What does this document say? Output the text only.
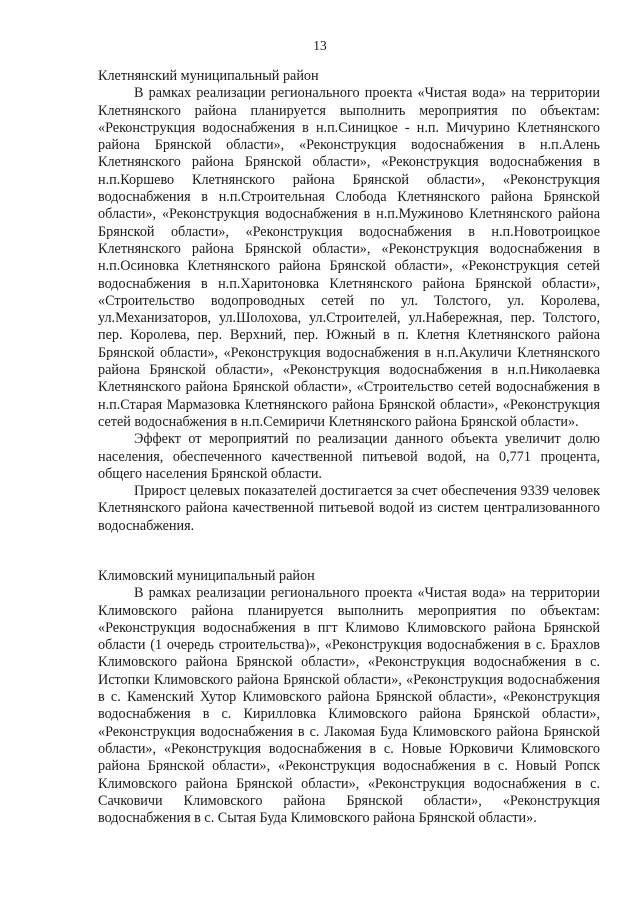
13

Клетнянский муниципальный район

В рамках реализации регионального проекта «Чистая вода» на территории Клетнянского района планируется выполнить мероприятия по объектам: «Реконструкция водоснабжения в н.п.Синицкое - н.п. Мичурино Клетнянского района Брянской области», «Реконструкция водоснабжения в н.п.Алень Клетнянского района Брянской области», «Реконструкция водоснабжения в н.п.Коршево Клетнянского района Брянской области», «Реконструкция водоснабжения в н.п.Строительная Слобода Клетнянского района Брянской области», «Реконструкция водоснабжения в н.п.Мужиново Клетнянского района Брянской области», «Реконструкция водоснабжения в н.п.Новотроицкое Клетнянского района Брянской области», «Реконструкция водоснабжения в н.п.Осиновка Клетнянского района Брянской области», «Реконструкция сетей водоснабжения в н.п.Харитоновка Клетнянского района Брянской области», «Строительство водопроводных сетей по ул. Толстого, ул. Королева, ул.Механизаторов, ул.Шолохова, ул.Строителей, ул.Набережная, пер. Толстого, пер. Королева, пер. Верхний, пер. Южный в п. Клетня Клетнянского района Брянской области», «Реконструкция водоснабжения в н.п.Акуличи Клетнянского района Брянской области», «Реконструкция водоснабжения в н.п.Николаевка Клетнянского района Брянской области», «Строительство сетей водоснабжения в н.п.Старая Мармазовка Клетнянского района Брянской области», «Реконструкция сетей водоснабжения в н.п.Семиричи Клетнянского района Брянской области».

Эффект от мероприятий по реализации данного объекта увеличит долю населения, обеспеченного качественной питьевой водой, на 0,771 процента, общего населения Брянской области.

Прирост целевых показателей достигается за счет обеспечения 9339 человек Клетнянского района качественной питьевой водой из систем централизованного водоснабжения.

Климовский муниципальный район

В рамках реализации регионального проекта «Чистая вода» на территории Климовского района планируется выполнить мероприятия по объектам: «Реконструкция водоснабжения в пгт Климово Климовского района Брянской области (1 очередь строительства)», «Реконструкция водоснабжения в с. Брахлов Климовского района Брянской области», «Реконструкция водоснабжения в с. Истопки Климовского района Брянской области», «Реконструкция водоснабжения в с. Каменский Хутор Климовского района Брянской области», «Реконструкция водоснабжения в с. Кирилловка Климовского района Брянской области», «Реконструкция водоснабжения в с. Лакомая Буда Климовского района Брянской области», «Реконструкция водоснабжения в с. Новые Юрковичи Климовского района Брянской области», «Реконструкция водоснабжения в с. Новый Ропск Климовского района Брянской области», «Реконструкция водоснабжения в с. Сачковичи Климовского района Брянской области», «Реконструкция водоснабжения в с. Сытая Буда Климовского района Брянской области».
